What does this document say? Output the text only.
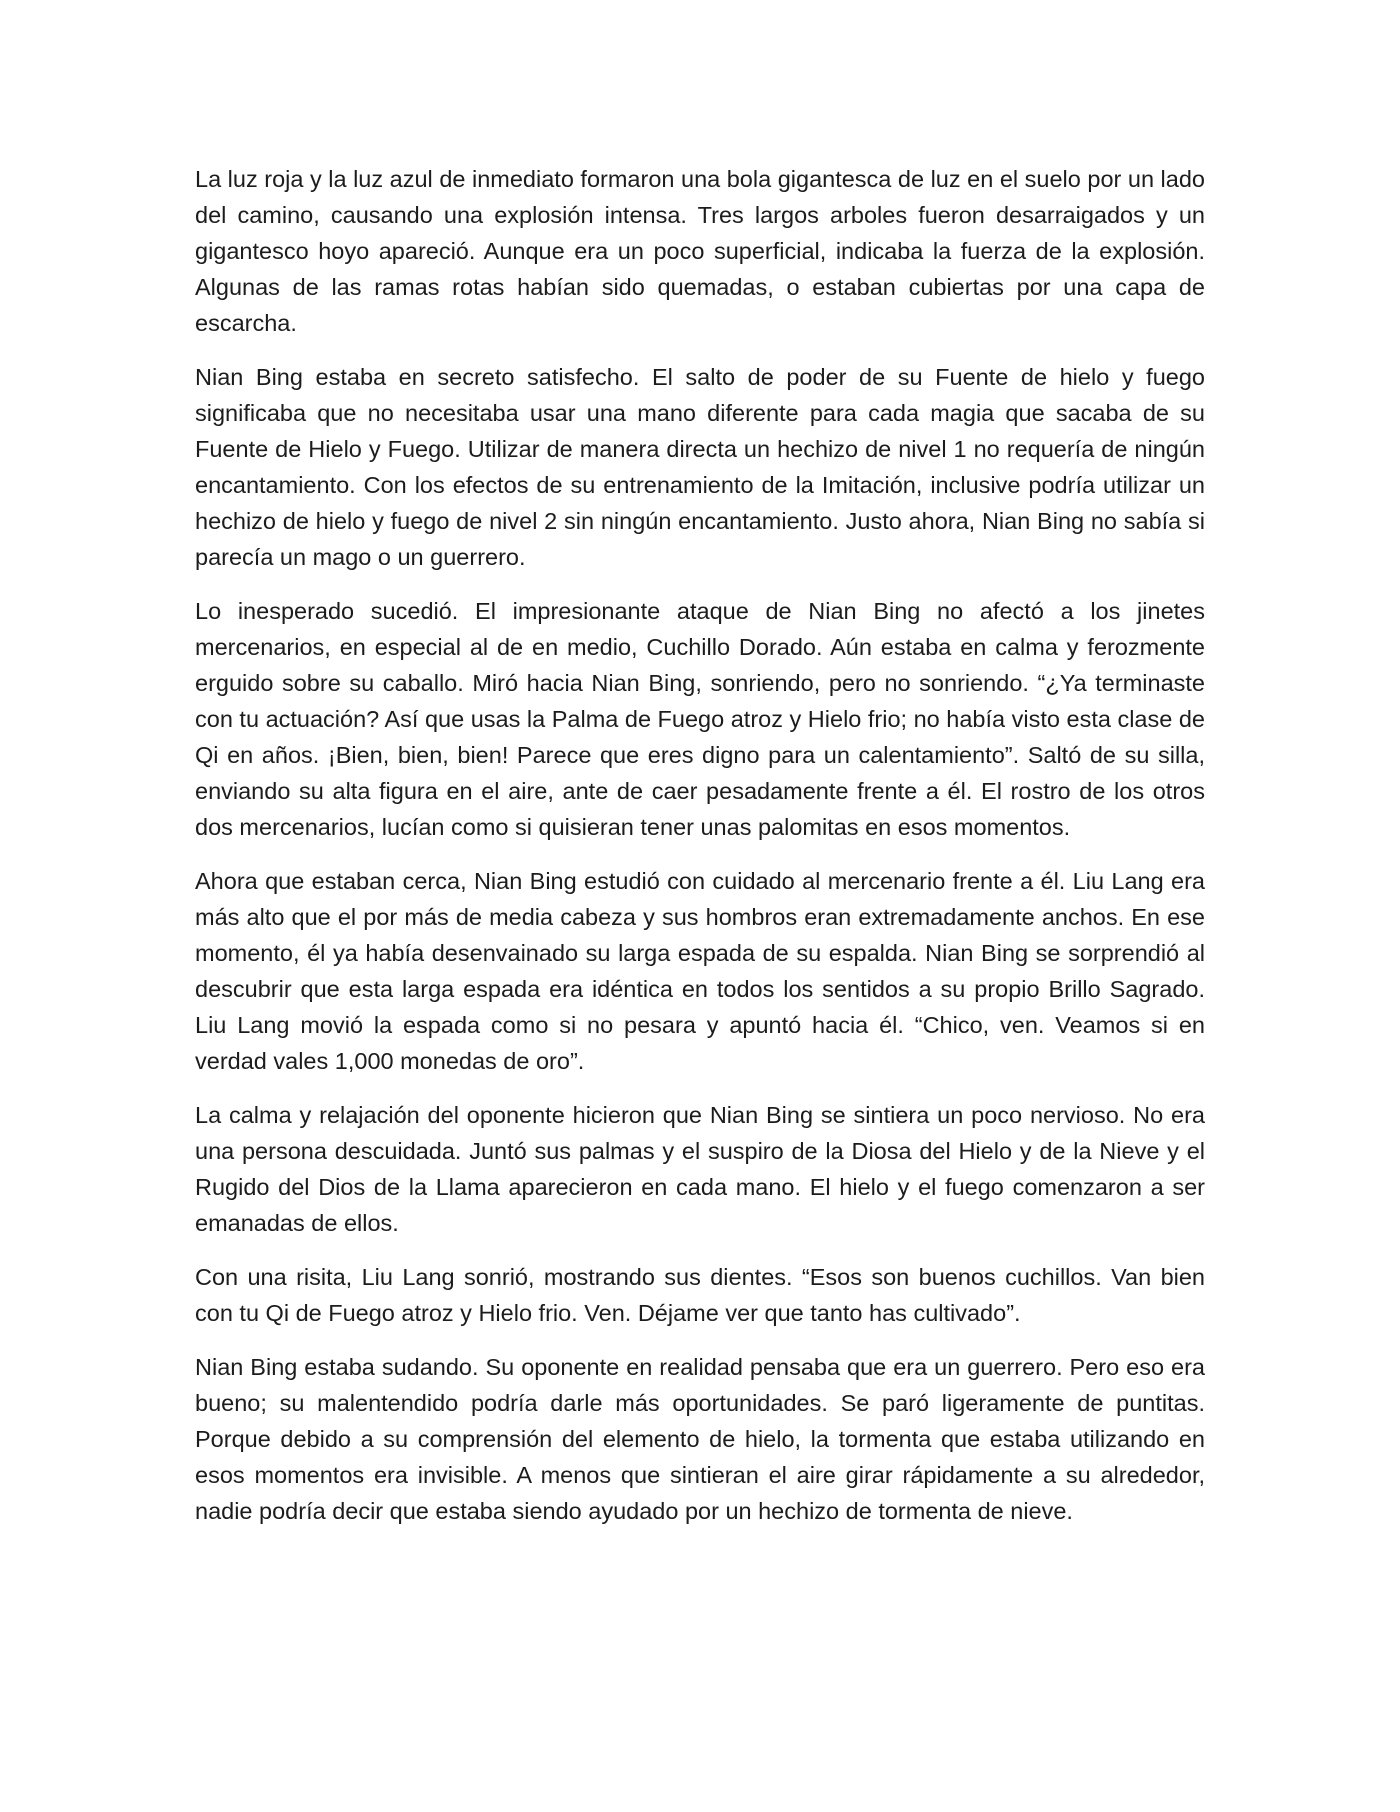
La luz roja y la luz azul de inmediato formaron una bola gigantesca de luz en el suelo por un lado del camino, causando una explosión intensa. Tres largos arboles fueron desarraigados y un gigantesco hoyo apareció. Aunque era un poco superficial, indicaba la fuerza de la explosión. Algunas de las ramas rotas habían sido quemadas, o estaban cubiertas por una capa de escarcha.

Nian Bing estaba en secreto satisfecho. El salto de poder de su Fuente de hielo y fuego significaba que no necesitaba usar una mano diferente para cada magia que sacaba de su Fuente de Hielo y Fuego. Utilizar de manera directa un hechizo de nivel 1 no requería de ningún encantamiento. Con los efectos de su entrenamiento de la Imitación, inclusive podría utilizar un hechizo de hielo y fuego de nivel 2 sin ningún encantamiento. Justo ahora, Nian Bing no sabía si parecía un mago o un guerrero.

Lo inesperado sucedió. El impresionante ataque de Nian Bing no afectó a los jinetes mercenarios, en especial al de en medio, Cuchillo Dorado. Aún estaba en calma y ferozmente erguido sobre su caballo. Miró hacia Nian Bing, sonriendo, pero no sonriendo. “¿Ya terminaste con tu actuación? Así que usas la Palma de Fuego atroz y Hielo frio; no había visto esta clase de Qi en años. ¡Bien, bien, bien! Parece que eres digno para un calentamiento”. Saltó de su silla, enviando su alta figura en el aire, ante de caer pesadamente frente a él. El rostro de los otros dos mercenarios, lucían como si quisieran tener unas palomitas en esos momentos.

Ahora que estaban cerca, Nian Bing estudió con cuidado al mercenario frente a él. Liu Lang era más alto que el por más de media cabeza y sus hombros eran extremadamente anchos. En ese momento, él ya había desenvainado su larga espada de su espalda. Nian Bing se sorprendió al descubrir que esta larga espada era idéntica en todos los sentidos a su propio Brillo Sagrado. Liu Lang movió la espada como si no pesara y apuntó hacia él. “Chico, ven. Veamos si en verdad vales 1,000 monedas de oro”.

La calma y relajación del oponente hicieron que Nian Bing se sintiera un poco nervioso. No era una persona descuidada. Juntó sus palmas y el suspiro de la Diosa del Hielo y de la Nieve y el Rugido del Dios de la Llama aparecieron en cada mano. El hielo y el fuego comenzaron a ser emanadas de ellos.

Con una risita, Liu Lang sonrió, mostrando sus dientes. “Esos son buenos cuchillos. Van bien con tu Qi de Fuego atroz y Hielo frio. Ven. Déjame ver que tanto has cultivado”.

Nian Bing estaba sudando. Su oponente en realidad pensaba que era un guerrero. Pero eso era bueno; su malentendido podría darle más oportunidades. Se paró ligeramente de puntitas. Porque debido a su comprensión del elemento de hielo, la tormenta que estaba utilizando en esos momentos era invisible. A menos que sintieran el aire girar rápidamente a su alrededor, nadie podría decir que estaba siendo ayudado por un hechizo de tormenta de nieve.
